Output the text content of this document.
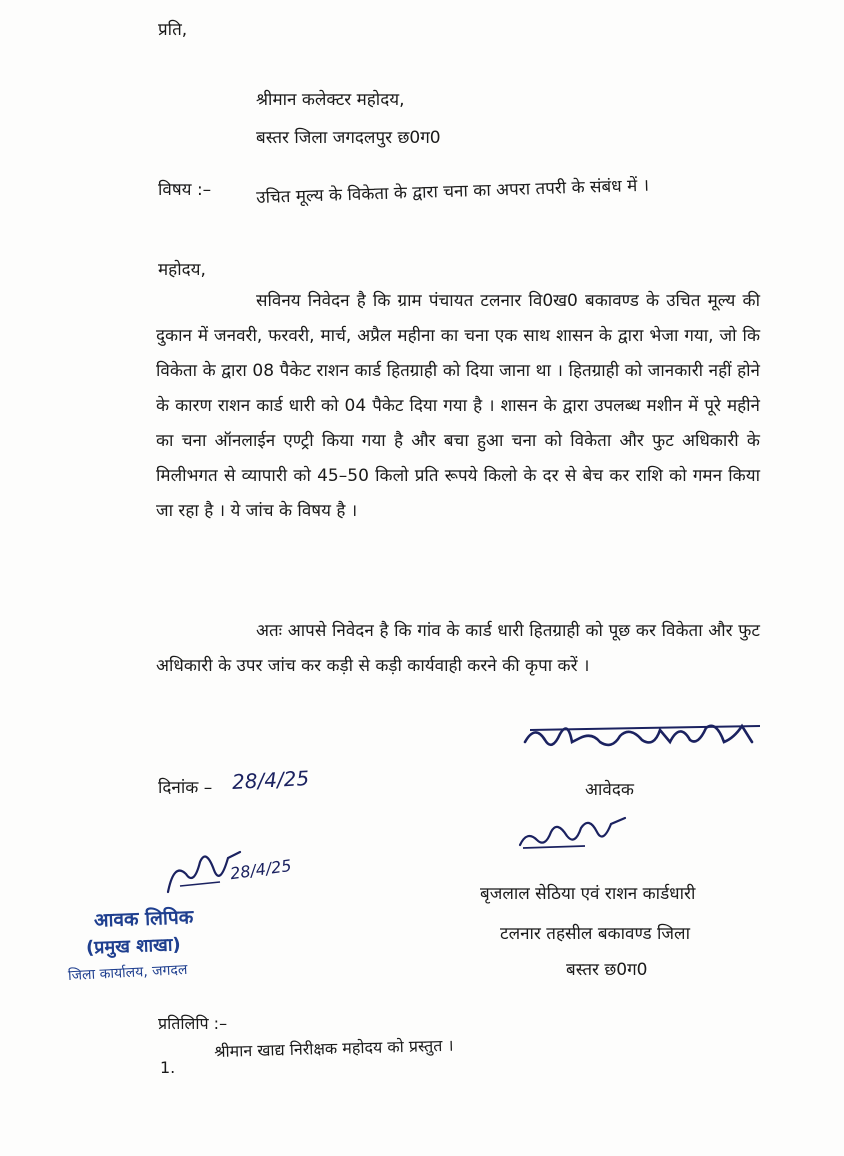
प्रति,
श्रीमान कलेक्टर महोदय,
बस्तर जिला जगदलपुर छ0ग0
विषय :–	उचित मूल्य के विकेता के द्वारा चना का अपरा तपरी के संबंध में ।
महोदय,
सविनय निवेदन है कि ग्राम पंचायत टलनार वि0ख0 बकावण्ड के उचित मूल्य की दुकान में जनवरी, फरवरी, मार्च, अप्रैल महीना का चना एक साथ शासन के द्वारा भेजा गया, जो कि विकेता के द्वारा 08 पैकेट राशन कार्ड हितग्राही को दिया जाना था । हितग्राही को जानकारी नहीं होने के कारण राशन कार्ड धारी को 04 पैकेट दिया गया है । शासन के द्वारा उपलब्ध मशीन में पूरे महीने का चना ऑनलाईन एण्ट्री किया गया है और बचा हुआ चना को विकेता और फुट अधिकारी के मिलीभगत से व्यापारी को 45–50 किलो प्रति रूपये किलो के दर से बेच कर राशि को गमन किया जा रहा है । ये जांच के विषय है ।
अतः आपसे निवेदन है कि गांव के कार्ड धारी हितग्राही को पूछ कर विकेता और फुट अधिकारी के उपर जांच कर कड़ी से कड़ी कार्यवाही करने की कृपा करें ।
दिनांक – 28/4/25	आवेदक
बृजलाल सेठिया एवं राशन कार्डधारी
टलनार तहसील बकावण्ड जिला
बस्तर छ0ग0
28/4/25
आवक लिपिक
(प्रमुख शाखा)
जिला कार्यालय, जगदल
प्रतिलिपि :–
1.
श्रीमान खाद्य निरीक्षक महोदय को प्रस्तुत ।
